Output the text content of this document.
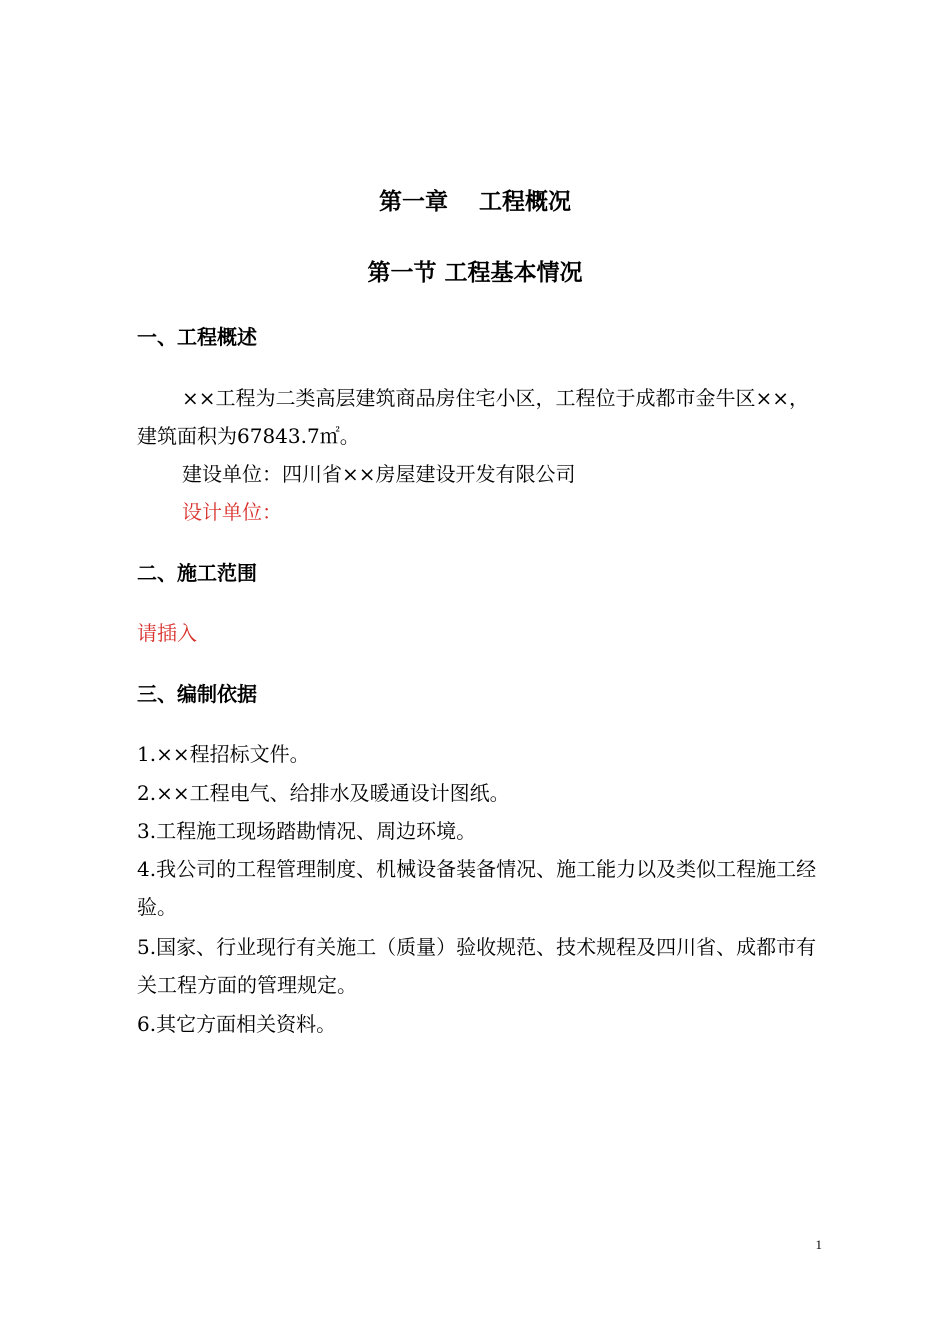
第一章　 工程概况
第一节 工程基本情况
一、工程概述
××工程为二类高层建筑商品房住宅小区，工程位于成都市金牛区××，建筑面积为67843.7㎡。
建设单位：四川省××房屋建设开发有限公司
设计单位：
二、施工范围
请插入
三、编制依据
1.××程招标文件。
2.××工程电气、给排水及暖通设计图纸。
3.工程施工现场踏勘情况、周边环境。
4.我公司的工程管理制度、机械设备装备情况、施工能力以及类似工程施工经验。
5.国家、行业现行有关施工（质量）验收规范、技术规程及四川省、成都市有关工程方面的管理规定。
6.其它方面相关资料。
1
